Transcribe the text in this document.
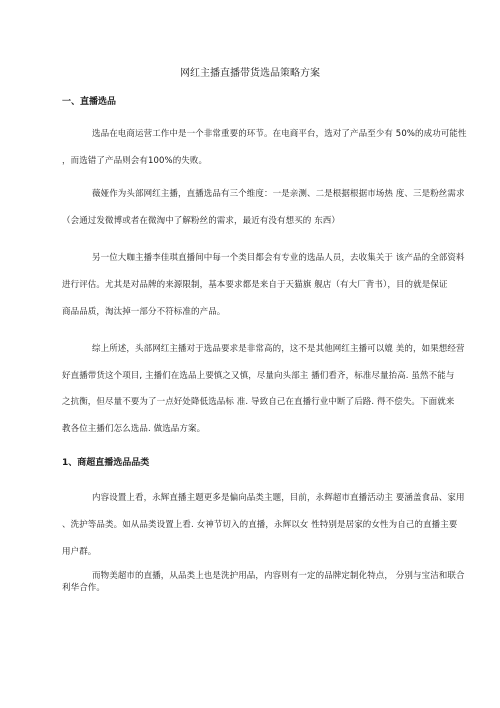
网红主播直播带货选品策略方案
一、直播选品
选品在电商运营工作中是一个非常重要的环节。在电商平台，选对了产品至少有 50%的成功可能性
，而选错了产品则会有100%的失败。
薇娅作为头部网红主播，直播选品有三个维度：一是亲测、二是根据根据市场热 度、三是粉丝需求
（会通过发微博或者在微淘中了解粉丝的需求，最近有没有想买的 东西）
另一位大咖主播李佳琪直播间中每一个类目都会有专业的选品人员，去收集关于 该产品的全部资料
进行评估。尤其是对品牌的来源限制，基本要求都是来自于天猫旗 舰店（有大厂背书），目的就是保证
商品品质，淘汰掉一部分不符标准的产品。
综上所述，头部网红主播对于选品要求是非常高的，这不是其他网红主播可以媲 美的，如果想经营
好直播带货这个项目, 主播们在选品上要慎之又慎，尽量向头部主 播们看齐，标准尽量抬高. 虽然不能与
之抗衡，但尽量不要为了一点好处降低选品标 准. 导致自己在直播行业中断了后路. 得不偿失。下面就来
教各位主播们怎么选品. 做选品方案。
1、商超直播选品品类
内容设置上看，永辉直播主题更多是偏向品类主题，目前，永辉超市直播活动主 要涵盖食品、家用
、洗护等品类。如从品类设置上看. 女神节切入的直播，永辉以女 性特别是居家的女性为自己的直播主要
用户群。
而物美超市的直播，从品类上也是洗护用品，内容则有一定的品牌定制化特点， 分别与宝洁和联合
利华合作。
